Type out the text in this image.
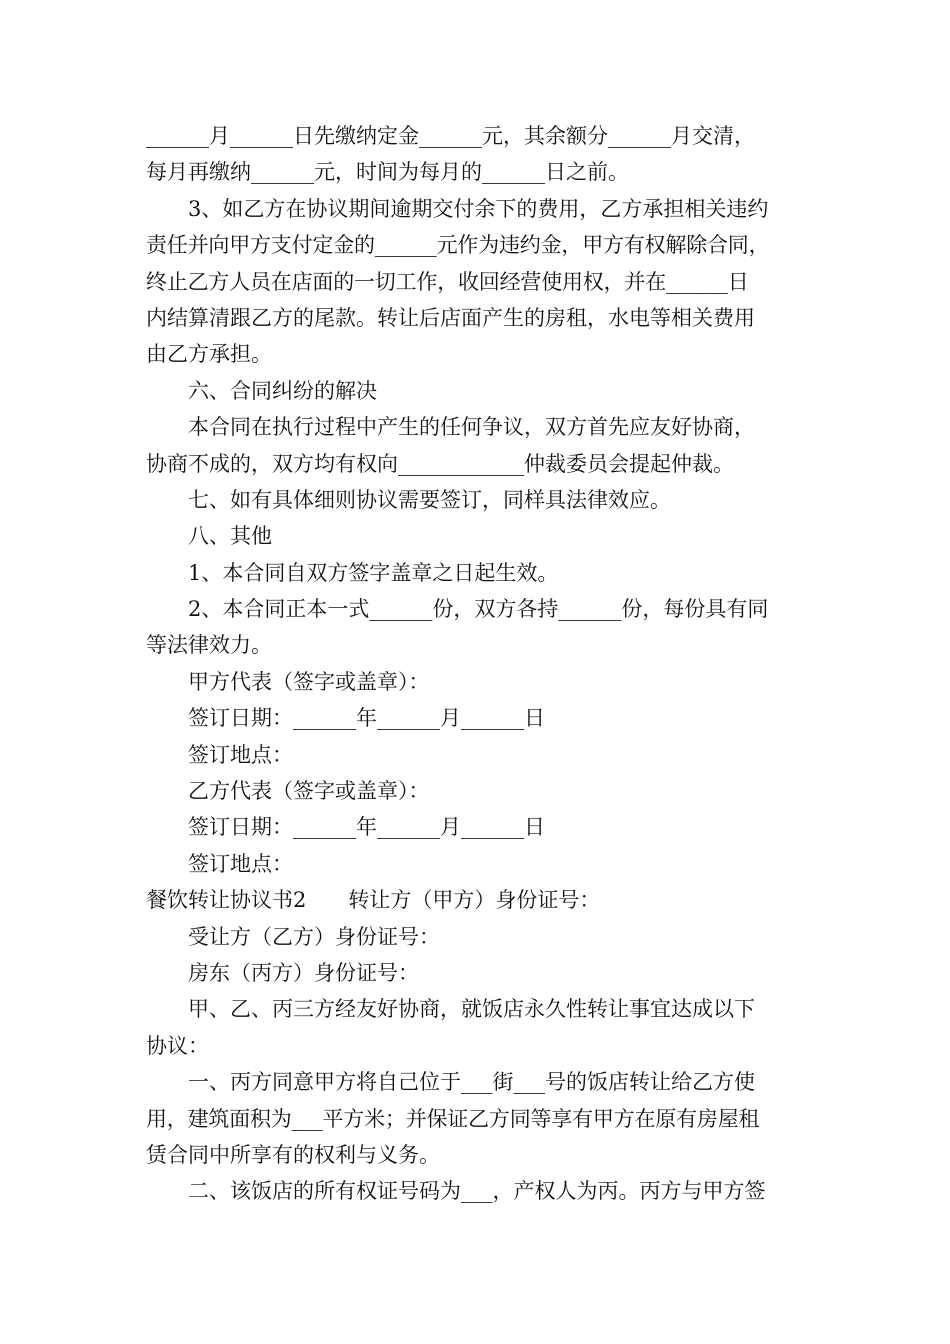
______月______日先缴纳定金______元，其余额分______月交清，
每月再缴纳______元，时间为每月的______日之前。
3、如乙方在协议期间逾期交付余下的费用，乙方承担相关违约
责任并向甲方支付定金的______元作为违约金，甲方有权解除合同，
终止乙方人员在店面的一切工作，收回经营使用权，并在______日
内结算清跟乙方的尾款。转让后店面产生的房租，水电等相关费用
由乙方承担。
六、合同纠纷的解决
本合同在执行过程中产生的任何争议，双方首先应友好协商，
协商不成的，双方均有权向____________仲裁委员会提起仲裁。
七、如有具体细则协议需要签订，同样具法律效应。
八、其他
1、本合同自双方签字盖章之日起生效。
2、本合同正本一式______份，双方各持______份，每份具有同
等法律效力。
甲方代表（签字或盖章）：
签订日期：______年______月______日
签订地点：
乙方代表（签字或盖章）：
签订日期：______年______月______日
签订地点：
餐饮转让协议书2　　转让方（甲方）身份证号：
受让方（乙方）身份证号：
房东（丙方）身份证号：
甲、乙、丙三方经友好协商，就饭店永久性转让事宜达成以下
协议：
一、丙方同意甲方将自己位于___街___号的饭店转让给乙方使
用，建筑面积为___平方米；并保证乙方同等享有甲方在原有房屋租
赁合同中所享有的权利与义务。
二、该饭店的所有权证号码为___，产权人为丙。丙方与甲方签
